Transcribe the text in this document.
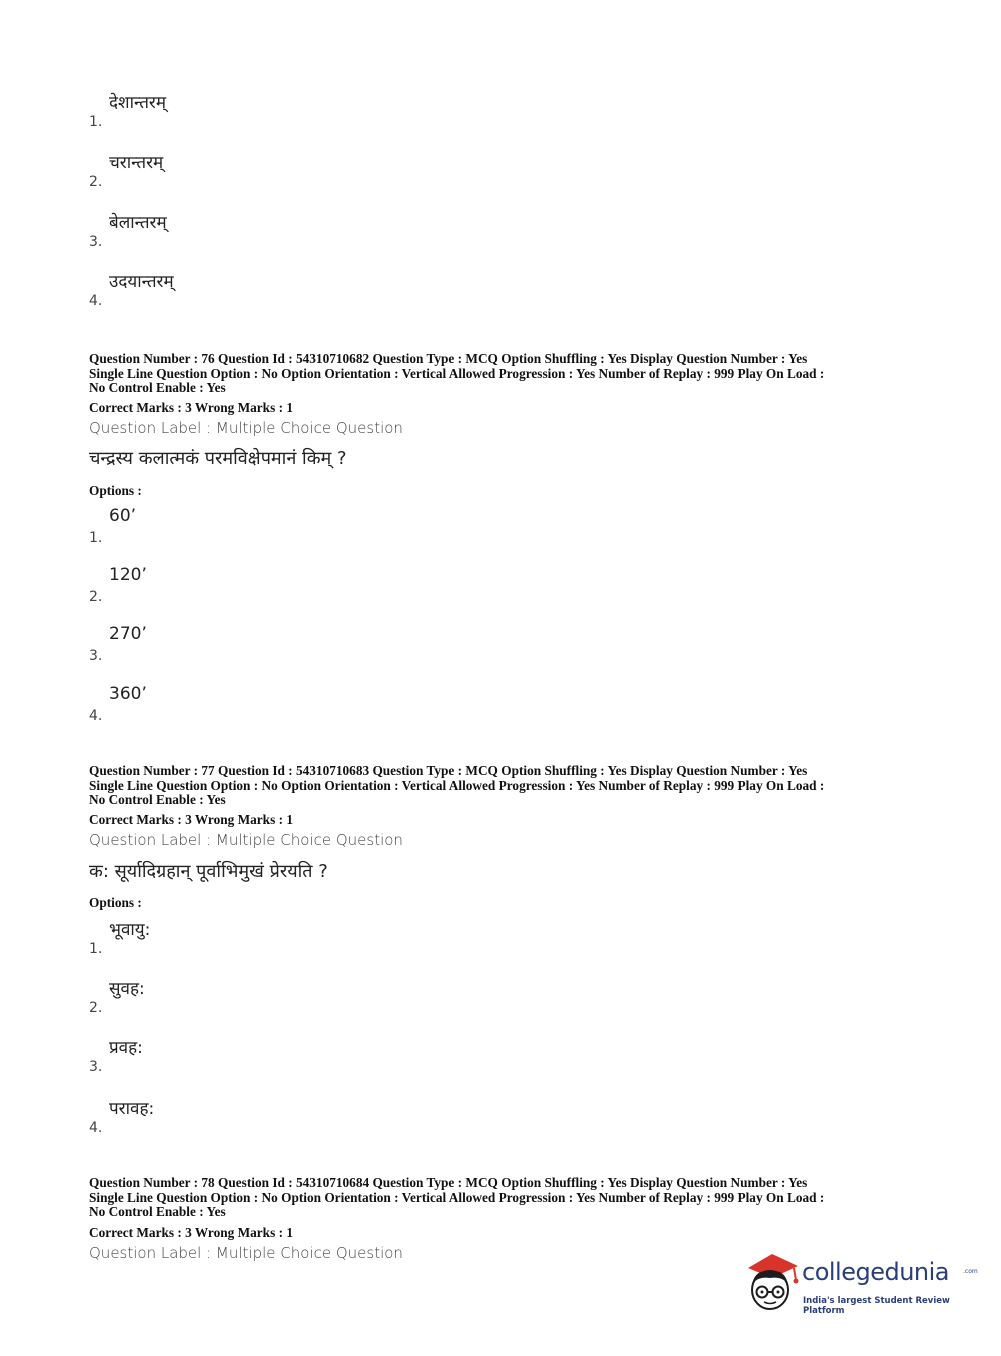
देशान्तरम्
1.
चरान्तरम्
2.
बेलान्तरम्
3.
उदयान्तरम्
4.
Question Number : 76 Question Id : 54310710682 Question Type : MCQ Option Shuffling : Yes Display Question Number : Yes
Single Line Question Option : No Option Orientation : Vertical Allowed Progression : Yes Number of Replay : 999 Play On Load :
No Control Enable : Yes
Correct Marks : 3 Wrong Marks : 1
Question Label : Multiple Choice Question
चन्द्रस्य कलात्मकं परमविक्षेपमानं किम् ?
Options :
60’
1.
120’
2.
270’
3.
360’
4.
Question Number : 77 Question Id : 54310710683 Question Type : MCQ Option Shuffling : Yes Display Question Number : Yes
Single Line Question Option : No Option Orientation : Vertical Allowed Progression : Yes Number of Replay : 999 Play On Load :
No Control Enable : Yes
Correct Marks : 3 Wrong Marks : 1
Question Label : Multiple Choice Question
क: सूर्यादिग्रहान् पूर्वाभिमुखं प्रेरयति ?
Options :
भूवायु:
1.
सुवह:
2.
प्रवह:
3.
परावह:
4.
Question Number : 78 Question Id : 54310710684 Question Type : MCQ Option Shuffling : Yes Display Question Number : Yes
Single Line Question Option : No Option Orientation : Vertical Allowed Progression : Yes Number of Replay : 999 Play On Load :
No Control Enable : Yes
Correct Marks : 3 Wrong Marks : 1
Question Label : Multiple Choice Question
collegedunia .com
India's largest Student Review Platform
